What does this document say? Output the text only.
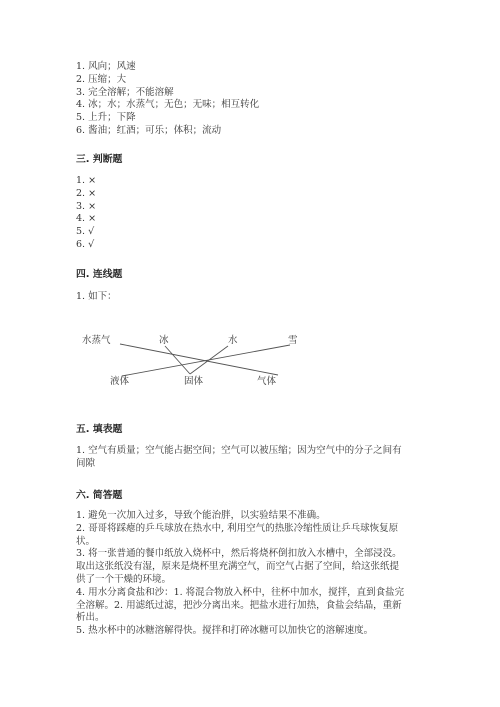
1. 风向；风速
2. 压缩；大
3. 完全溶解；不能溶解
4. 冰；水；水蒸气；无色；无味；相互转化
5. 上升；下降
6. 酱油；红酒；可乐；体积；流动
三. 判断题
1. ×
2. ×
3. ×
4. ×
5. √
6. √
四. 连线题
1. 如下：
水蒸气	冰	水	雪
液体	固体	气体
五. 填表题
1. 空气有质量；空气能占据空间；空气可以被压缩；因为空气中的分子之间有
间隙
六. 简答题
1. 避免一次加入过多，导致个能治胖，以实验结果不准确。
2. 哥哥将踩瘪的乒乓球放在热水中, 利用空气的热胀冷缩性质让乒乓球恢复原
状。
3. 将一张普通的餐巾纸放入烧杯中，然后将烧杯倒扣放入水槽中，全部浸没。
取出这张纸没有湿，原来是烧杯里充满空气，而空气占据了空间，给这张纸提
供了一个干燥的环境。
4. 用水分离食盐和沙：1. 将混合物放入杯中，往杯中加水，搅拌，直到食盐完
全溶解。2. 用滤纸过滤，把沙分离出来。把盐水进行加热，食盐会结晶，重新
析出。
5. 热水杯中的冰糖溶解得快。搅拌和打碎冰糖可以加快它的溶解速度。
